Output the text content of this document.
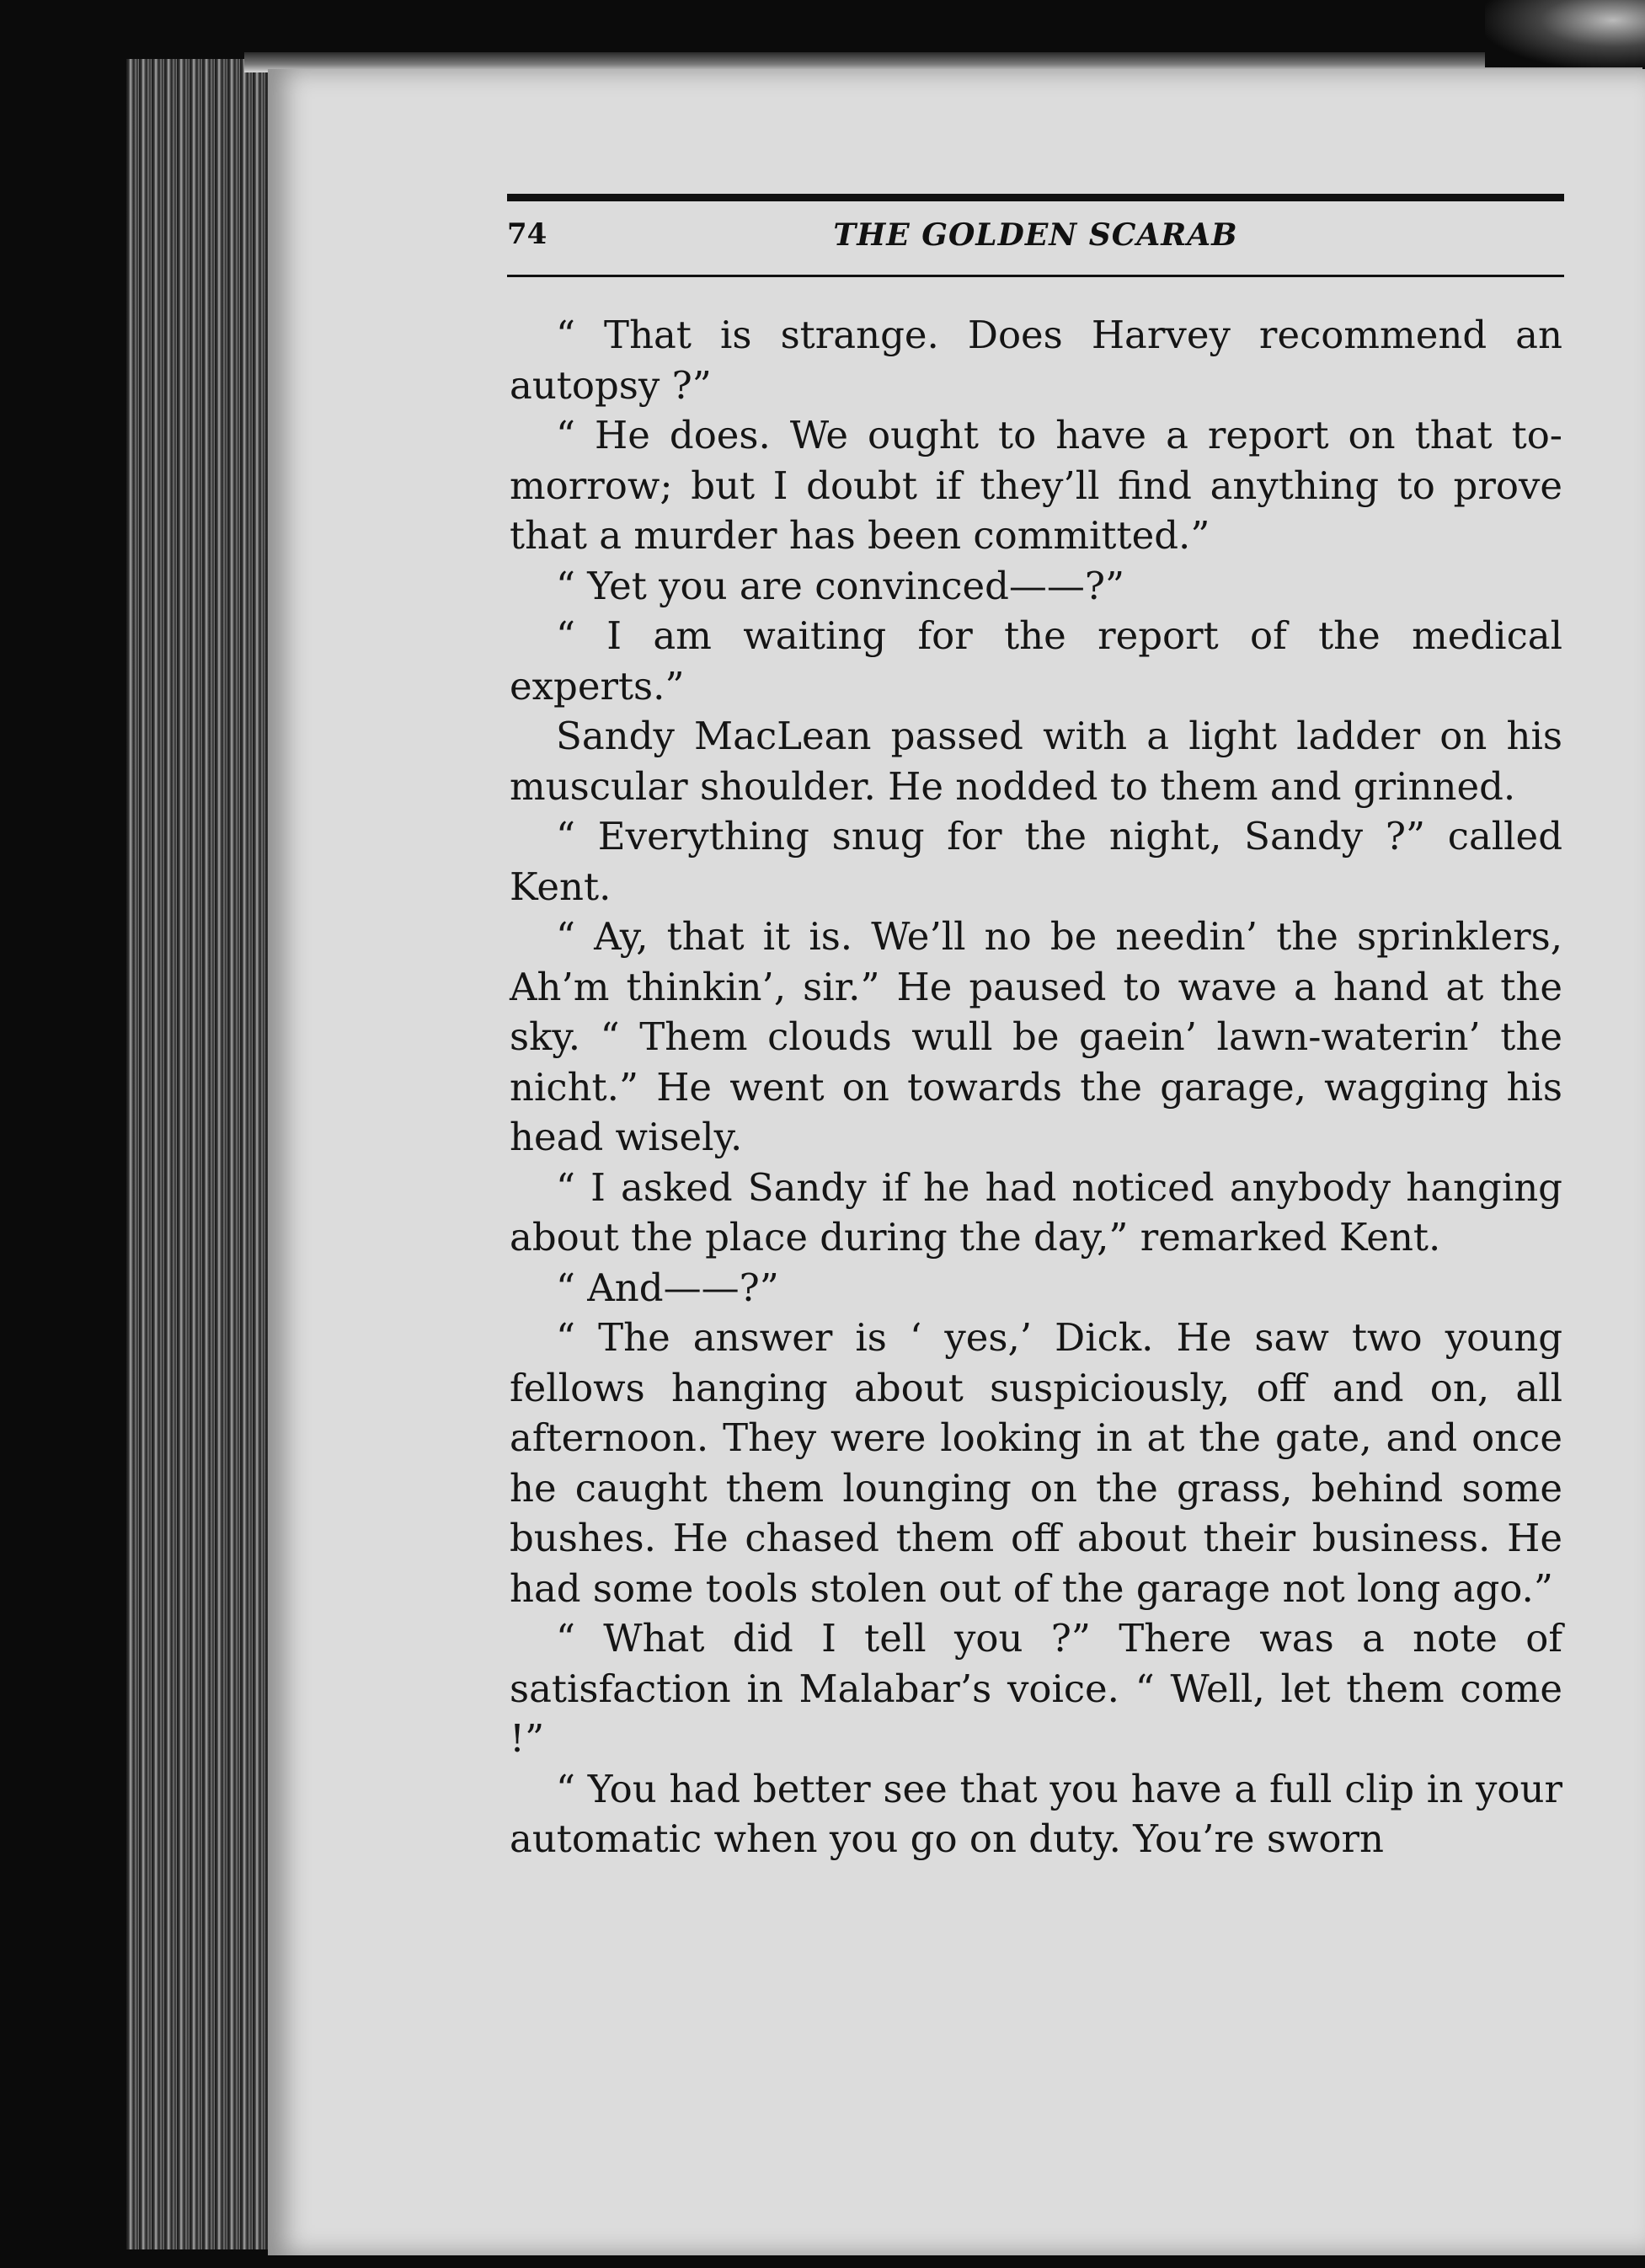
74	THE GOLDEN SCARAB

“ That is strange. Does Harvey recommend an autopsy ?”

“ He does. We ought to have a report on that to-morrow; but I doubt if they’ll find anything to prove that a murder has been committed.”

“ Yet you are convinced——?”

“ I am waiting for the report of the medical experts.”

Sandy MacLean passed with a light ladder on his muscular shoulder. He nodded to them and grinned.

“ Everything snug for the night, Sandy ?” called Kent.

“ Ay, that it is. We’ll no be needin’ the sprinklers, Ah’m thinkin’, sir.” He paused to wave a hand at the sky. “ Them clouds wull be gaein’ lawn-waterin’ the nicht.” He went on towards the garage, wagging his head wisely.

“ I asked Sandy if he had noticed anybody hanging about the place during the day,” remarked Kent.

“ And——?”

“ The answer is ‘ yes,’ Dick. He saw two young fellows hanging about suspiciously, off and on, all afternoon. They were looking in at the gate, and once he caught them lounging on the grass, behind some bushes. He chased them off about their business. He had some tools stolen out of the garage not long ago.”

“ What did I tell you ?” There was a note of satisfaction in Malabar’s voice. “ Well, let them come !”

“ You had better see that you have a full clip in your automatic when you go on duty. You’re sworn
